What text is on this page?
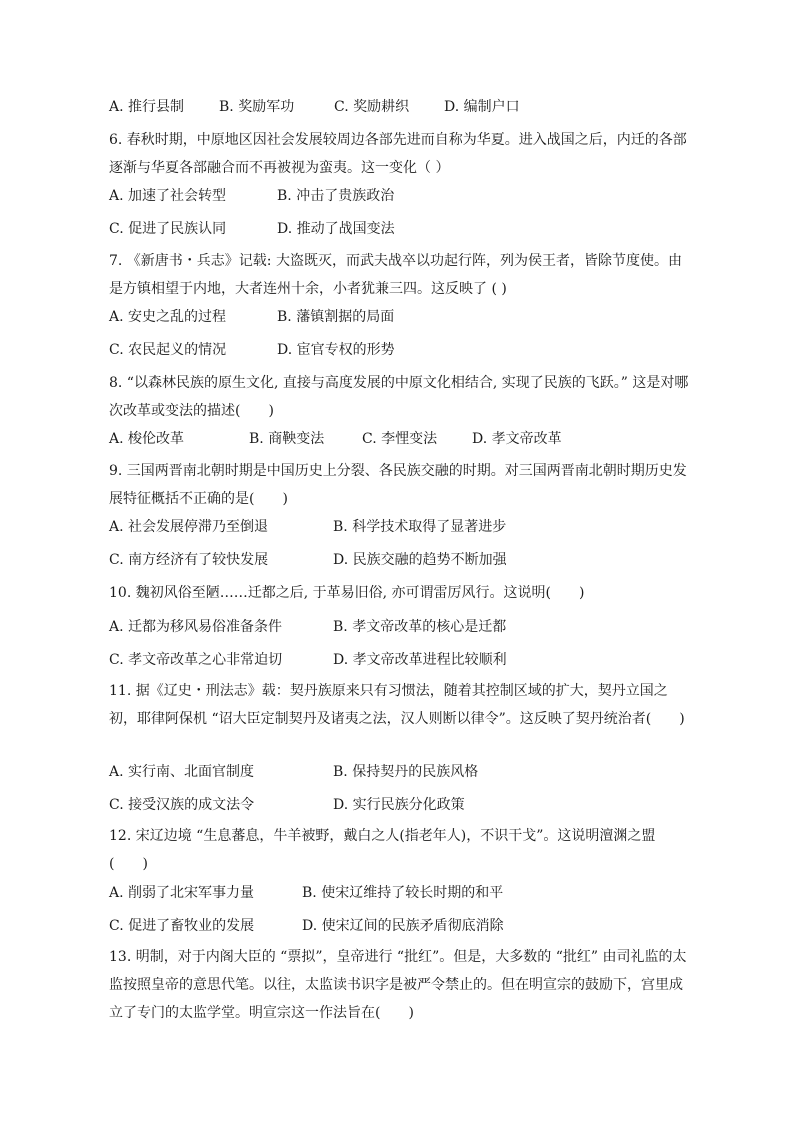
A. 推行县制 B. 奖励军功	C. 奖励耕织 D. 编制户口
6. 春秋时期，中原地区因社会发展较周边各部先进而自称为华夏。进入战国之后，内迁的各部逐渐与华夏各部融合而不再被视为蛮夷。这一变化（ ）
A. 加速了社会转型	B. 冲击了贵族政治
C. 促进了民族认同	D. 推动了战国变法
7. 《新唐书・兵志》记载: 大盗既灭，而武夫战卒以功起行阵，列为侯王者，皆除节度使。由是方镇相望于内地，大者连州十余，小者犹兼三四。这反映了 ( )
A. 安史之乱的过程	B. 藩镇割据的局面
C. 农民起义的情况	D. 宦官专权的形势
8. “以森林民族的原生文化, 直接与高度发展的中原文化相结合, 实现了民族的飞跃。” 这是对哪次改革或变法的描述(　　)
A. 梭伦改革	B. 商鞅变法	C. 李悝变法 D. 孝文帝改革
9. 三国两晋南北朝时期是中国历史上分裂、各民族交融的时期。对三国两晋南北朝时期历史发展特征概括不正确的是(　　)
A. 社会发展停滞乃至倒退	B. 科学技术取得了显著进步
C. 南方经济有了较快发展	D. 民族交融的趋势不断加强
10. 魏初风俗至陋……迁都之后, 于革易旧俗, 亦可谓雷厉风行。这说明(　　)
A. 迁都为移风易俗准备条件	B. 孝文帝改革的核心是迁都
C. 孝文帝改革之心非常迫切	D. 孝文帝改革进程比较顺利
11. 据《辽史・刑法志》载：契丹族原来只有习惯法，随着其控制区域的扩大，契丹立国之初，耶律阿保机 “诏大臣定制契丹及诸夷之法，汉人则断以律令”。这反映了契丹统治者(　　)
A. 实行南、北面官制度	B. 保持契丹的民族风格
C. 接受汉族的成文法令	D. 实行民族分化政策
12. 宋辽边境 “生息蕃息，牛羊被野，戴白之人(指老年人)，不识干戈”。这说明澶渊之盟(　　)
A. 削弱了北宋军事力量	B. 使宋辽维持了较长时期的和平
C. 促进了畜牧业的发展	D. 使宋辽间的民族矛盾彻底消除
13. 明制，对于内阁大臣的 “票拟”，皇帝进行 “批红”。但是，大多数的 “批红” 由司礼监的太监按照皇帝的意思代笔。以往，太监读书识字是被严令禁止的。但在明宣宗的鼓励下，宫里成立了专门的太监学堂。明宣宗这一作法旨在(　　)
